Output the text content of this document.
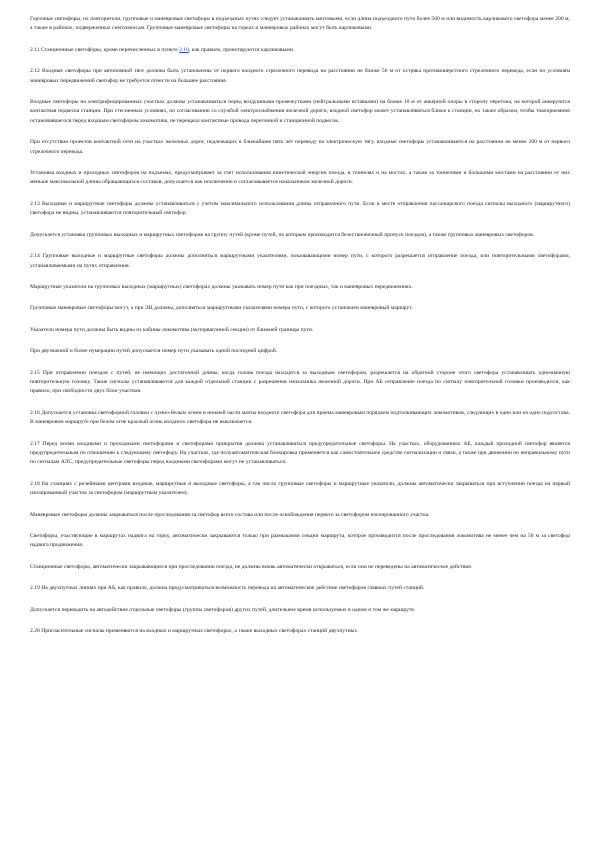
Горочные светофоры, их повторители, групповые и маневровые светофоры в подъездных путях следует устанавливать мачтовыми, если длина подъездного пути более 500 м или видимость карликового светофора менее 200 м, а также в районах, подверженных снегозаносам. Групповые маневровые светофоры на горках и маневровых районах могут быть карликовыми.

2.11 Станционные светофоры, кроме перечисленных в пункте 2.10, как правило, проектируются карликовыми.

2.12 Входные светофоры при автономной тяге должны быть установлены от первого входного стрелочного перевода на расстоянии не ближе 50 м от остряка противошерстного стрелочного перевода, если по условиям маневровых передвижений светофор не требуется отнести на большее расстояние.

Входные светофоры на электрифицированных участках должны устанавливаться перед воздушными промежутками (нейтральными вставками) на ближе 10 м от анкерной опоры в сторону перегона, на которой анкеруются контактная подвеска станции. При стесненных условиях, по согласованию со службой электроснабжения железной дороги, входной светофор может устанавливаться ближе к станции, но также образом, чтобы токоприемник остановившегося перед входным светофором локомотива, не перекрыл контактные провода перегонной и станционной подвесок.

При отсутствии проектов контактной сети на участках железных дорог, подлежащих в ближайшие пять лет переводу на электрическую тягу, входные светофоры устанавливаются на расстоянии не менее 300 м от первого стрелочного перевода.

Установка входных и проходных светофоров на подъемах, предусматривает за счет использования кинетической энергии поезда, в тоннелях и на мостах, а также за тоннелями и большими мостами на расстоянии от них меньше максимальной длины обращающихся составов, допускается как исключение и согласовывается начальником железной дороги.

2.13 Выходные и маршрутные светофоры должны устанавливаться с учетом максимального использования длины отправочного пути. Если в месте отправления пассажирского поезда сигналы выходного (маршрутного) светофора не видны, устанавливаются повторительный светофор.

Допускается установка групповых выходных и маршрутных светофоров на группу путей (кроме путей, по которым производится безостановочный пропуск поездов), а также групповых маневровых светофоров.

2.14 Групповые выходные и маршрутные светофоры должны дополняться маршрутными указателями, показывающими номер пути, с которого разрешается отправление поезда, или повторительными светофорами, устанавливаемыми на путях отправления.

Маршрутные указатели на групповых выходных (маршрутных) светофорах должны указывать номер пути как при поездных, так и маневровых передвижениях.

Групповые маневровые светофоры могут, а при ЭЦ должны, дополняться маршрутными указателями номера пути, с которого установлен маневровый маршрут.

Указатели номера пути должны быть видны из кабины локомотива (моторвагонной секции) от ближней границы пути.

При двузначной и более нумерации путей допускается номер пути указывать одной последней цифрой.

2.15 При отправлении поездов с путей, не имеющих достаточной длины, когда голова поезда находится за выходным светофором, разрешается на обратной стороне этого светофора устанавливать однозначную повторительную головку. Такие сигналы устанавливаются для каждой отдельной станции с разрешения начальника железной дороги. При АБ отправление поезда по сигналу повторительной головки производится, как правило, при свободности двух блок-участков.

2.16 Допускается установка светофорной головки с лунно-белым огнем в нижней части мачты входного светофора для приема маневровым порядком подталкивающих локомотивов, следующих в одно или из одно подсостава. В маневровом маршруте при белом огне красный огонь входного светофора не выключается.

2.17 Перед всеми входными и проходными светофорами и светофорами прикрытия должны устанавливаться предупредительные светофоры. На участках, оборудованных АБ, каждый проходной светофор является предупредительным по отношению к следующему светофору. На участках, где полуавтоматическая блокировка применяется как самостоятельное средство сигнализации и связи, а также при движении по неправильному пути по сигналам АЛС, предупредительные светофоры перед входными светофорами могут не устанавливаться.

2.18 На станциях с релейными центрами входные, маршрутные и выходные светофоры, а так число групповые светофоры и маршрутные указатели, должны автоматически закрываться при вступлении поезда на первый изолированный участок за светофором (маршрутным указателем).

Маневровые светофоры должны закрываться после проследования за светофор всего состава или после освобождения первого за светофором изолированного участка.

Светофоры, участвующие в маршрутах надвига на горку, автоматически закрываются только при размыкании секции маршрута, которое производится после проследования локомотива не менее чем на 50 м за светофор надвига продвижения.

Станционные светофоры, автоматически закрывающиеся при проследовании поезда, не должны вновь автоматически открываться, если они не переведены на автоматическое действие.

2.19 На двухпутных линиях при АБ, как правило, должна предусматриваться возможность перевода на автоматическое действие светофоров главных путей станций.

Допускается переводить на автодействие отдельные светофоры (группы светофоров) других путей, длительное время используемых в одном и том же маршруте.

2.20 Пригласительные сигналы применяются на входных и маршрутных светофорах, а также выходных светофорах станций двухпутных
